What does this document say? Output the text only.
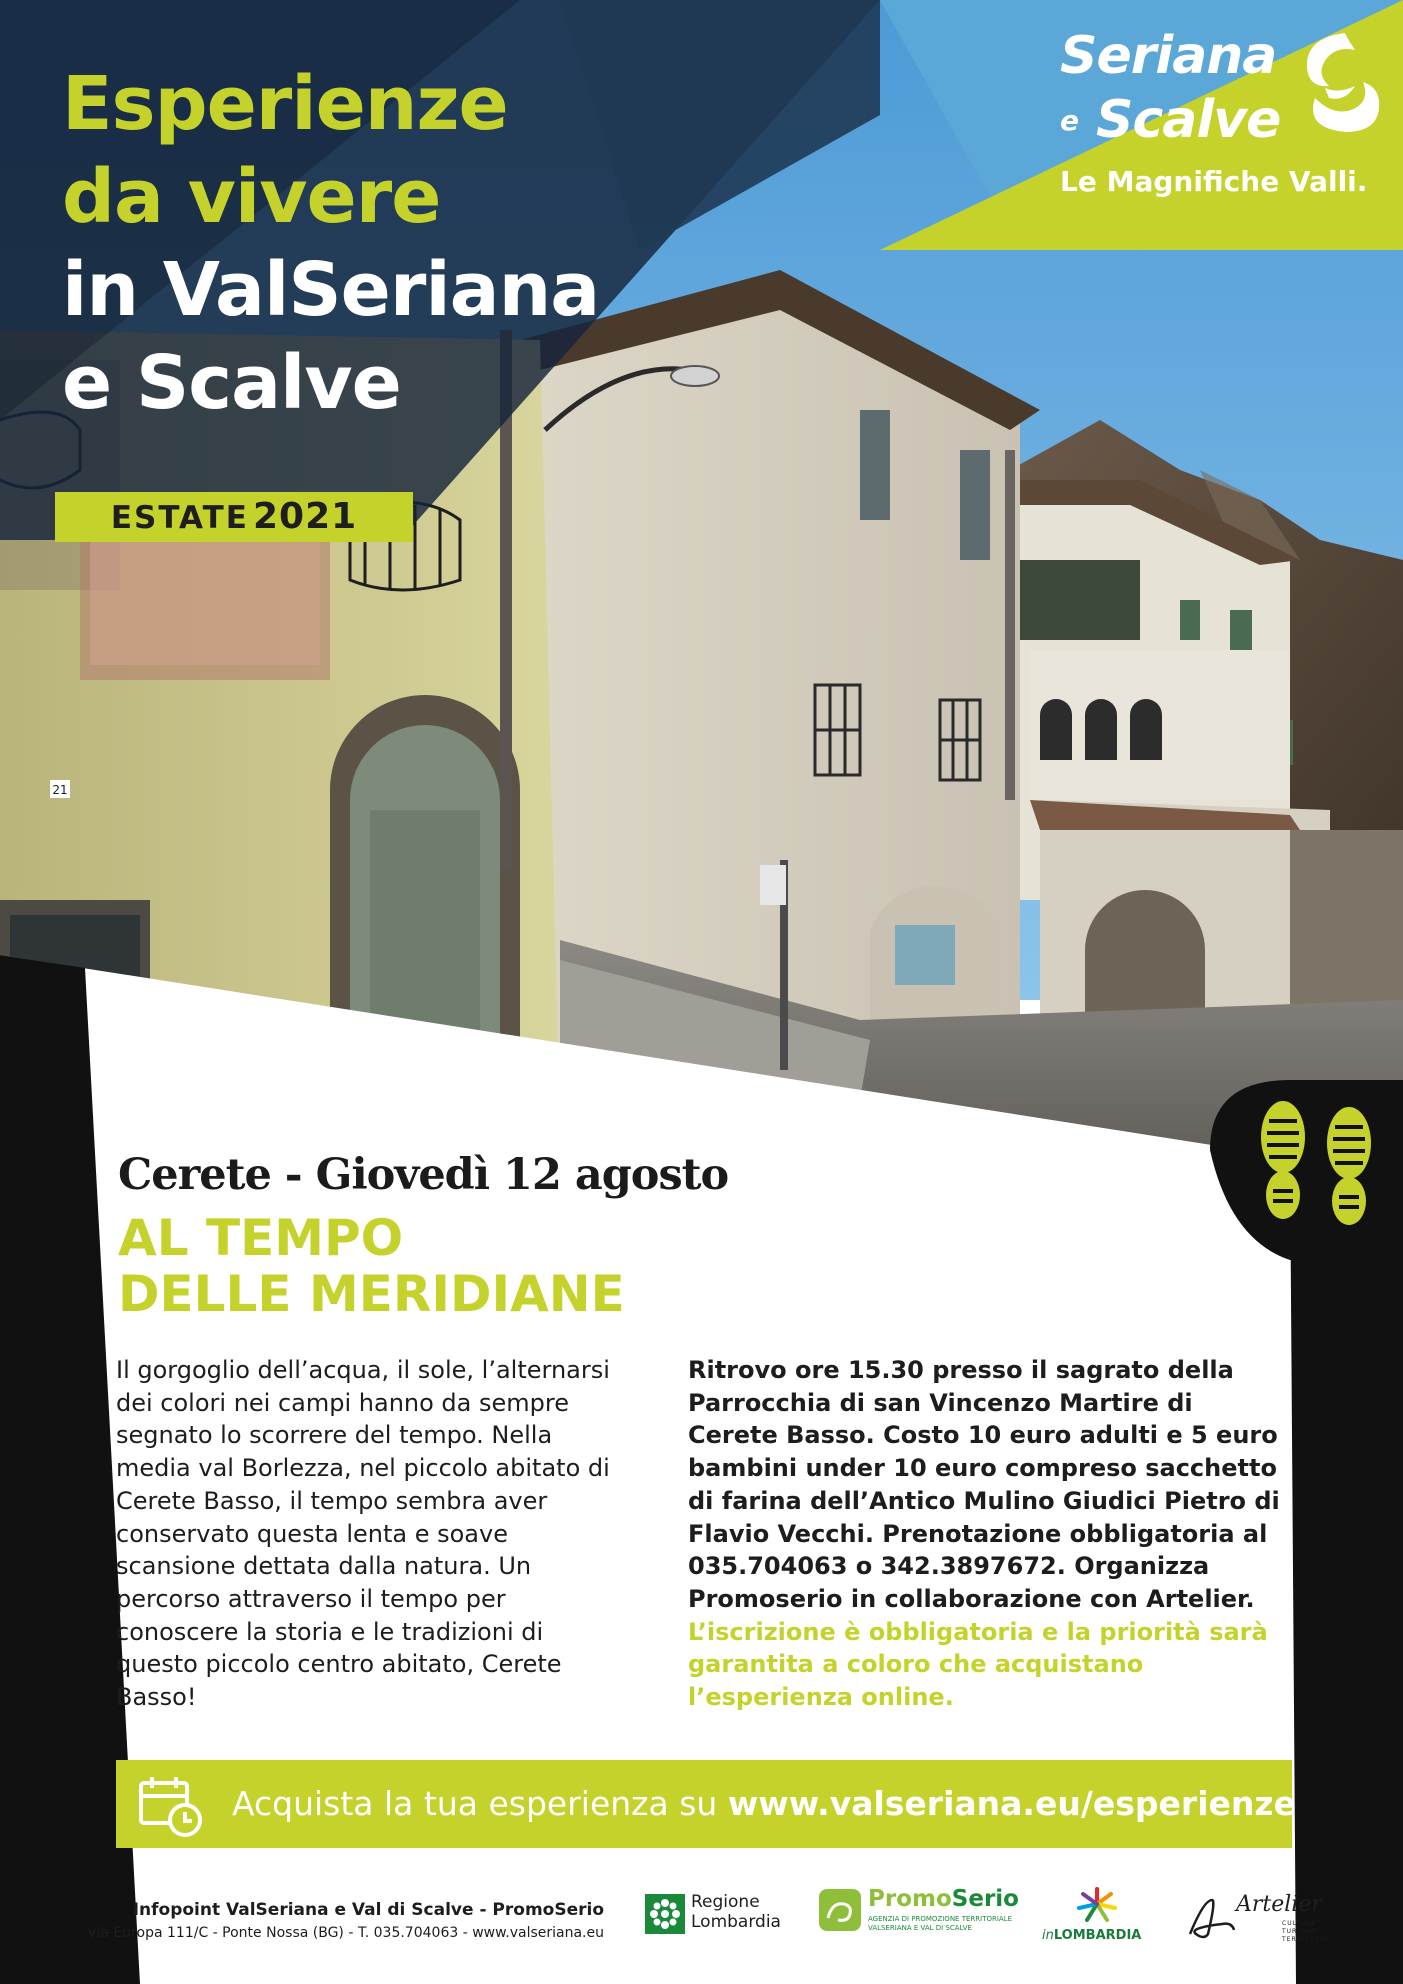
21
Esperienze
da vivere
in ValSeriana
e Scalve
ESTATE 2021
Seriana
e Scalve
Le Magnifiche Valli.
Cerete - Giovedì 12 agosto
AL TEMPO
DELLE MERIDIANE

Il gorgoglio dell’acqua, il sole, l’alternarsi dei colori nei campi hanno da sempre segnato lo scorrere del tempo. Nella media val Borlezza, nel piccolo abitato di Cerete Basso, il tempo sembra aver conservato questa lenta e soave scansione dettata dalla natura. Un percorso attraverso il tempo per conoscere la storia e le tradizioni di questo piccolo centro abitato, Cerete Basso!

Ritrovo ore 15.30 presso il sagrato della Parrocchia di san Vincenzo Martire di Cerete Basso. Costo 10 euro adulti e 5 euro bambini under 10 euro compreso sacchetto di farina dell’Antico Mulino Giudici Pietro di Flavio Vecchi. Prenotazione obbligatoria al 035.704063 o 342.3897672. Organizza Promoserio in collaborazione con Artelier. L’iscrizione è obbligatoria e la priorità sarà garantita a coloro che acquistano l’esperienza online.

Acquista la tua esperienza su www.valseriana.eu/esperienze
Infopoint ValSeriana e Val di Scalve - PromoSerio
via Europa 111/C - Ponte Nossa (BG) - T. 035.704063 - www.valseriana.eu
Regione
Lombardia
PromoSerio
AGENZIA DI PROMOZIONE TERRITORIALE
VALSERIANA E VAL DI SCALVE	inLOMBARDIA
Artelier
CULTURA
TURISMO
TERRITORIO
